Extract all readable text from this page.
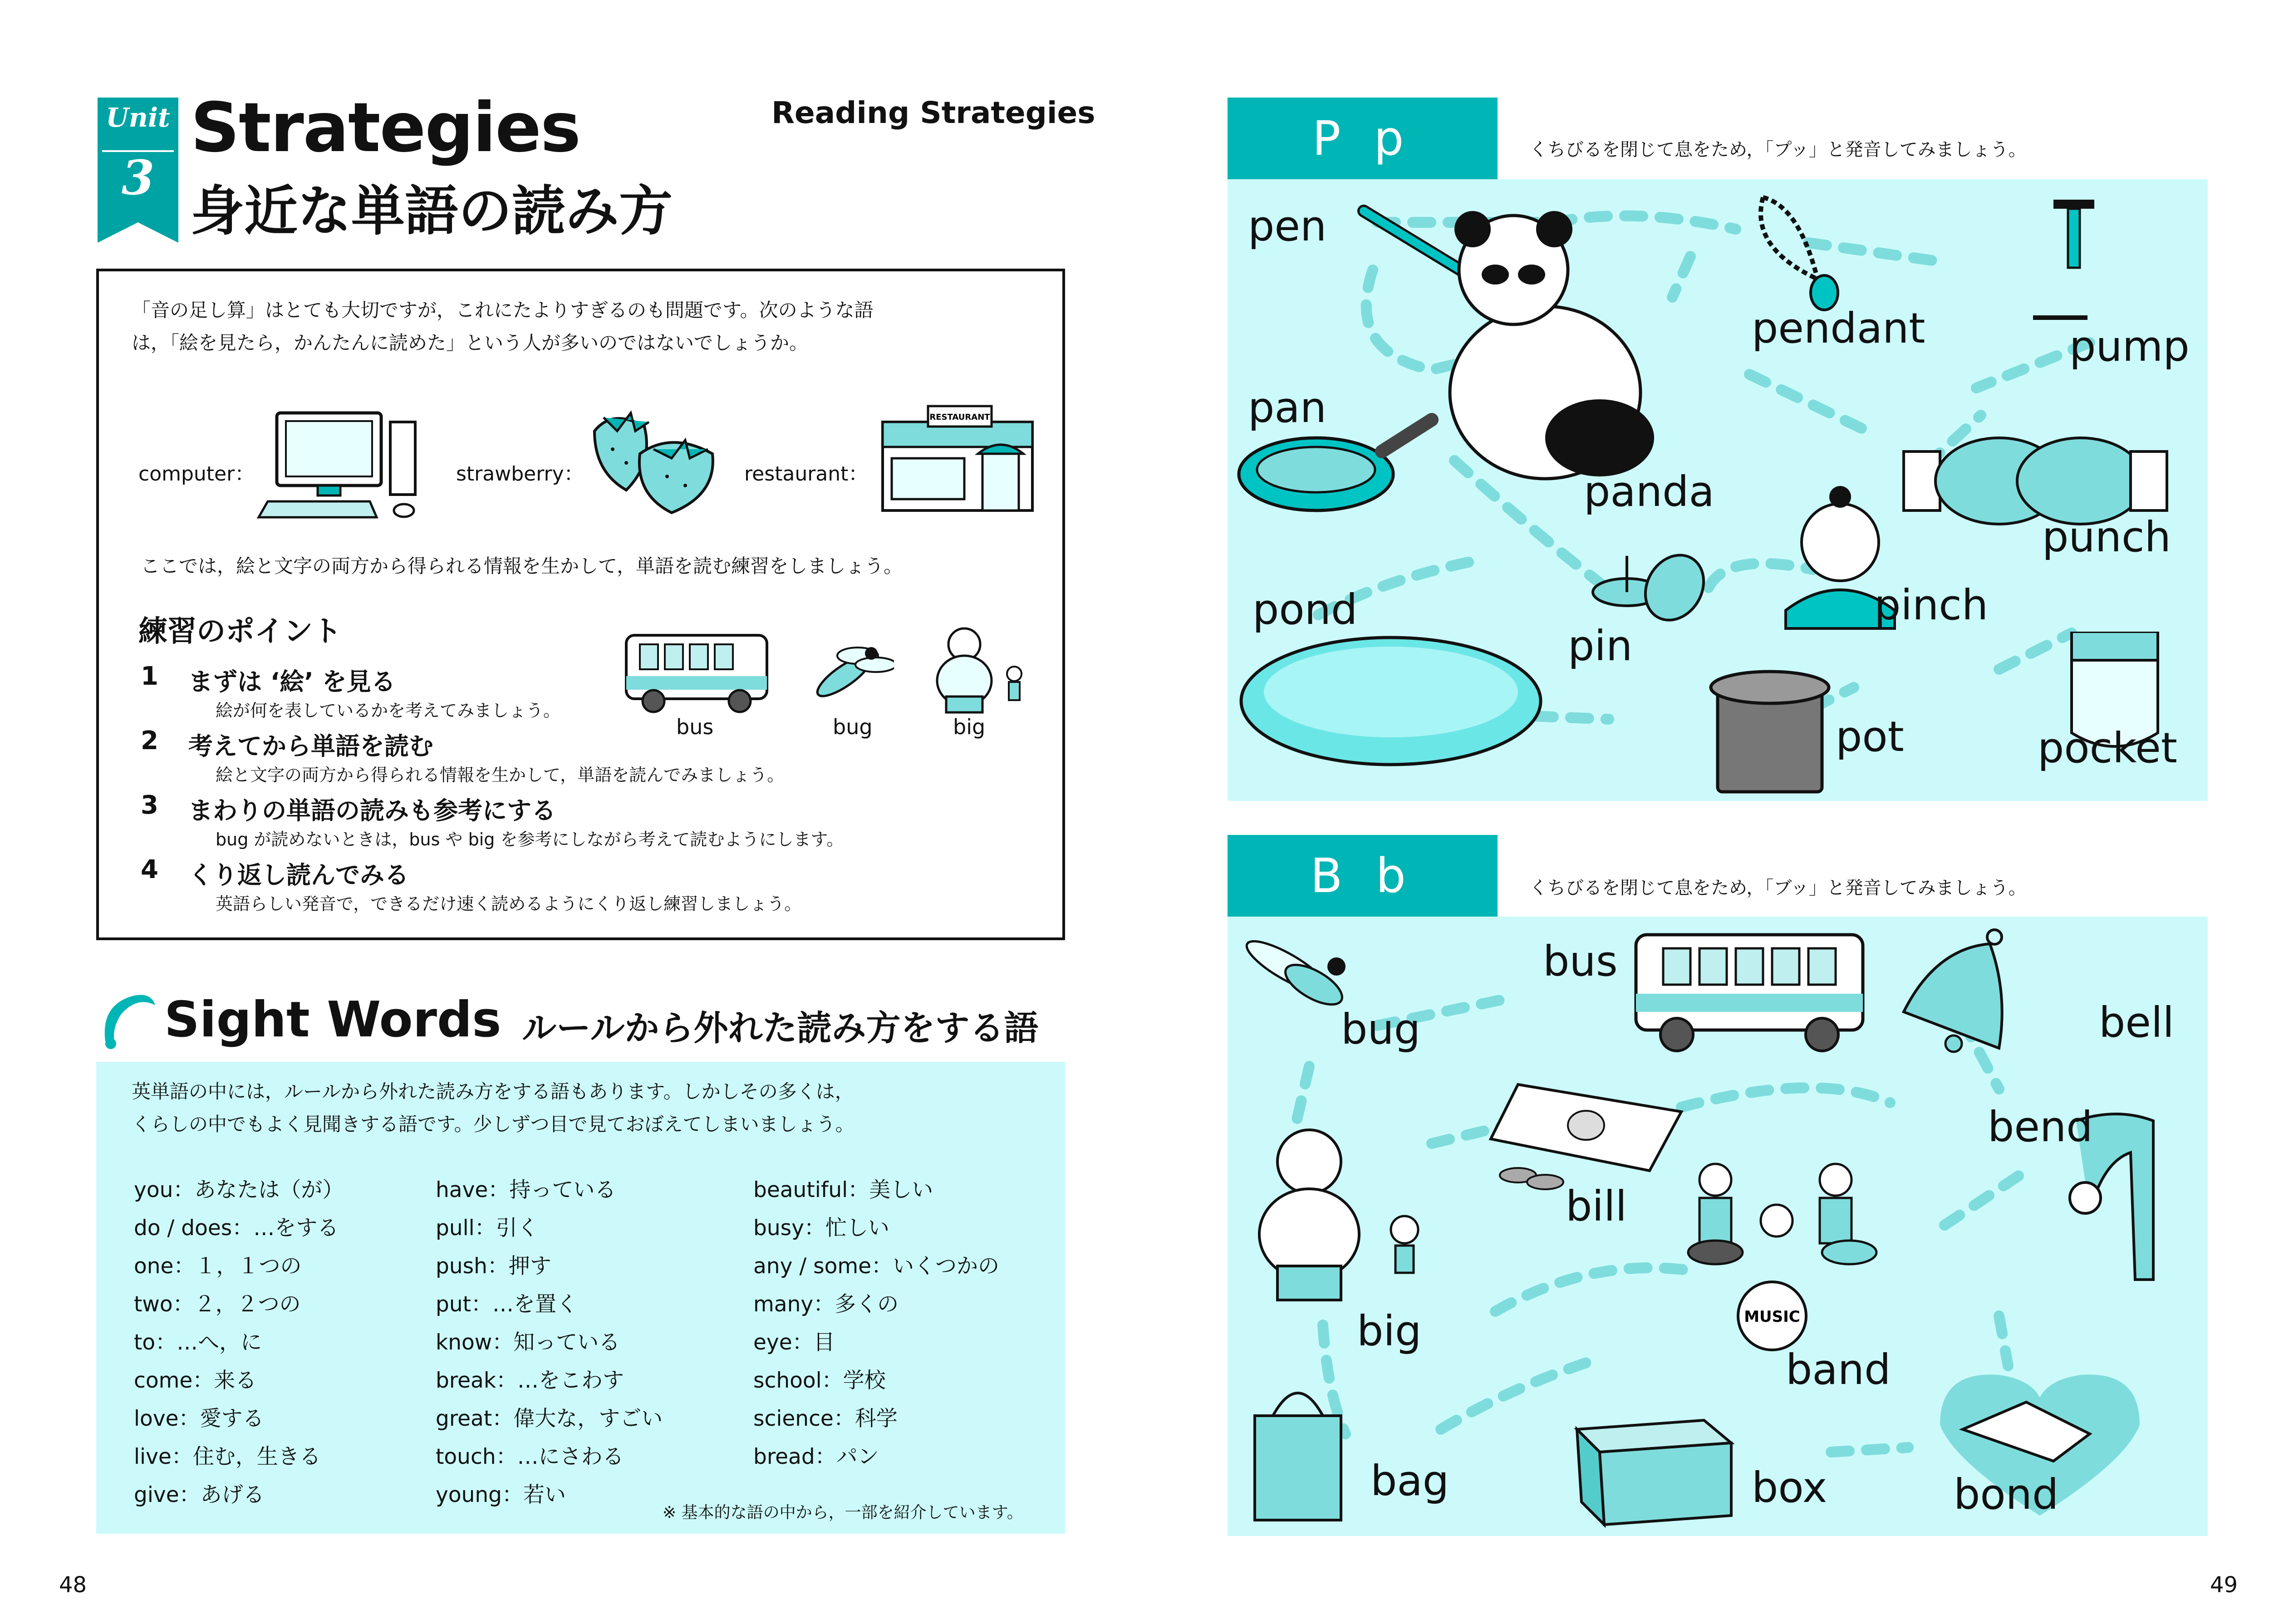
Unit
3
Strategies
身近な単語の読み方
Reading Strategies
「音の足し算」はとても大切ですが，これにたよりすぎるのも問題です。次のような語
は，「絵を見たら，かんたんに読めた」という人が多いのではないでしょうか。
computer：	strawberry：	restaurant：
RESTAURANT
ここでは，絵と文字の両方から得られる情報を生かして，単語を読む練習をしましょう。
練習のポイント
1 まずは ‘絵’ を見る
絵が何を表しているかを考えてみましょう。
2 考えてから単語を読む
絵と文字の両方から得られる情報を生かして，単語を読んでみましょう。
3 まわりの単語の読みも参考にする
bug が読めないときは，bus や big を参考にしながら考えて読むようにします。
4 くり返し読んでみる
英語らしい発音で，できるだけ速く読めるようにくり返し練習しましょう。
bus	bug	big
Sight Words ルールから外れた読み方をする語
英単語の中には，ルールから外れた読み方をする語もあります。しかしその多くは，
くらしの中でもよく見聞きする語です。少しずつ目で見ておぼえてしまいましょう。
you：あなたは（が）
do / does：…をする
one：１，１つの
two：２，２つの
to：…へ，に
come：来る
love：愛する
live：住む，生きる
give：あげる
have：持っている
pull：引く
push：押す
put：…を置く
know：知っている
break：…をこわす
great：偉大な，すごい
touch：…にさわる
young：若い
beautiful：美しい
busy：忙しい
any / some：いくつかの
many：多くの
eye：目
school：学校
science：科学
bread：パン
※ 基本的な語の中から，一部を紹介しています。
48
P p	くちびるを閉じて息をため，「プッ」と発音してみましょう。
pen
pendant	pump
pan
panda
punch
pond
pin
pinch
pot	pocket
B b	くちびるを閉じて息をため，「ブッ」と発音してみましょう。
MUSIC
bus
bug	bell
bend
bill
big
band
bag	box	bond
49
